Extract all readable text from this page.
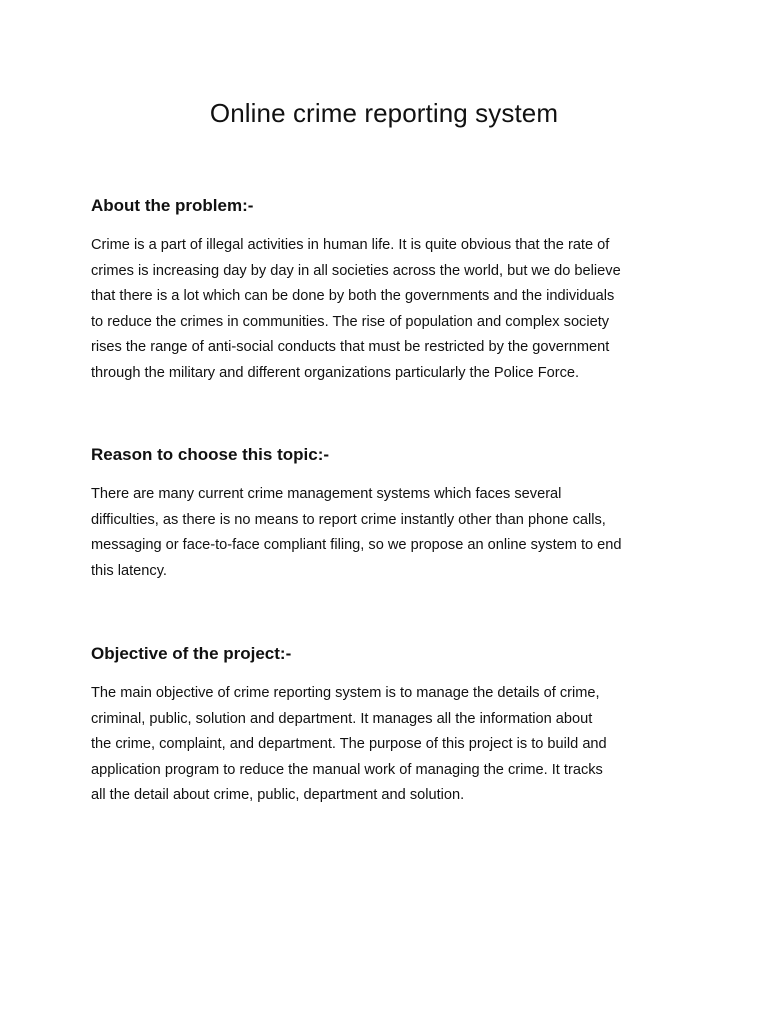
Online crime reporting system
About the problem:-

Crime is a part of illegal activities in human life. It is quite obvious that the rate of
crimes is increasing day by day in all societies across the world, but we do believe
that there is a lot which can be done by both the governments and the individuals
to reduce the crimes in communities. The rise of population and complex society
rises the range of anti-social conducts that must be restricted by the government
through the military and different organizations particularly the Police Force.

Reason to choose this topic:-

There are many current crime management systems which faces several
difficulties, as there is no means to report crime instantly other than phone calls,
messaging or face-to-face compliant filing, so we propose an online system to end
this latency.

Objective of the project:-

The main objective of crime reporting system is to manage the details of crime,
criminal, public, solution and department. It manages all the information about
the crime, complaint, and department. The purpose of this project is to build and
application program to reduce the manual work of managing the crime. It tracks
all the detail about crime, public, department and solution.
